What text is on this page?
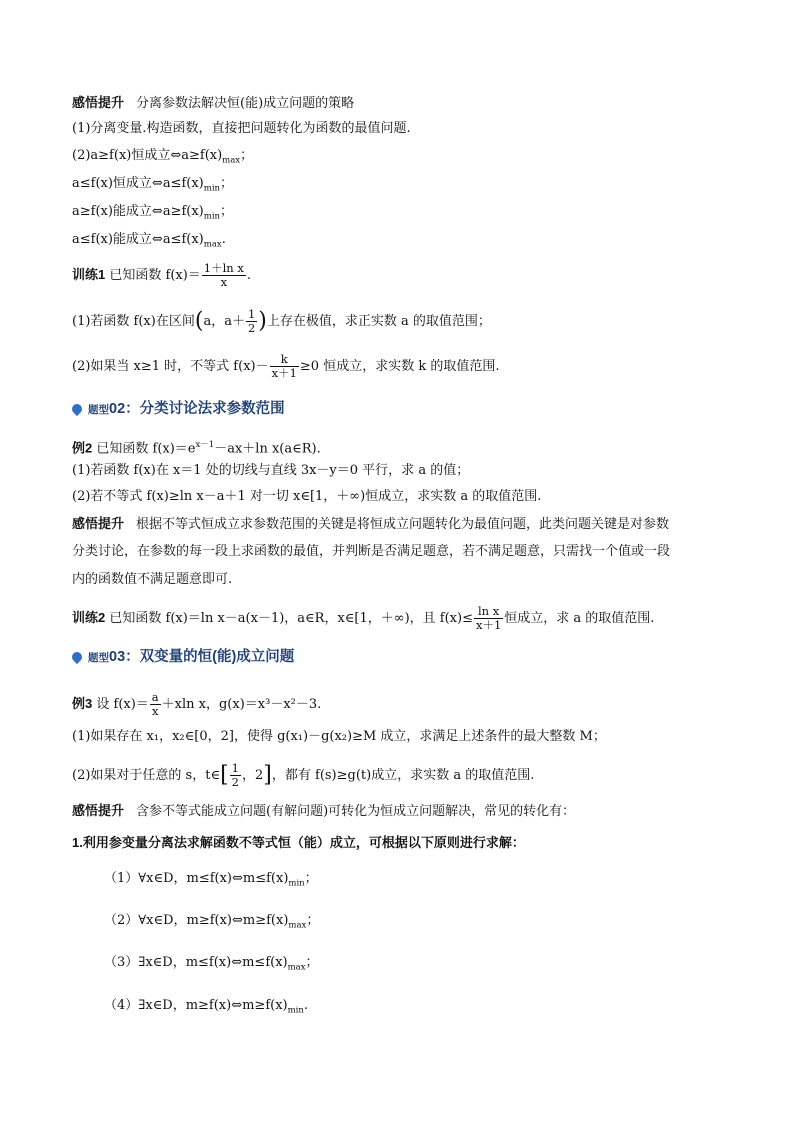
感悟提升 分离参数法解决恒(能)成立问题的策略
(1)分离变量.构造函数，直接把问题转化为函数的最值问题.
(2)a≥f(x)恒成立$\Leftrightarrow a\ge f(x)_{max}$；
a≤f(x)恒成立$\Leftrightarrow a\le f(x)_{min}$；
a≥f(x)能成立$\Leftrightarrow a\ge f(x)_{min}$；
a≤f(x)能成立$\Leftrightarrow a\le f(x)_{max}$.
训练1 已知函数 $f(x)= \frac{\text{1＋ln x}}{x}$ .
(1)若函数 f(x)在区间(a，$a+ \frac{1}{2}$ )上存在极值，求正实数 a 的取值范围；
(2)如果当 x≥1 时，不等式 $f(x)- \frac{k}{x+1} \ge 0$ 恒成立，求实数 k 的取值范围.
题型02：分类讨论法求参数范围
例2 已知函数 $f(x)=e^{x-1}-ax+\ln$ x(a∈R).
(1)若函数 f(x)在 x＝1 处的切线与直线 3x－y＝0 平行，求 a 的值；
(2)若不等式 f(x)≥ln x－a＋1 对一切 x∈[1，＋∞)恒成立，求实数 a 的取值范围.
感悟提升 根据不等式恒成立求参数范围的关键是将恒成立问题转化为最值问题，此类问题关键是对参数
分类讨论，在参数的每一段上求函数的最值，并判断是否满足题意，若不满足题意，只需找一个值或一段
内的函数值不满足题意即可.
训练2 已知函数 f(x)＝ln x－a(x－1)，a∈R，x∈[1，＋∞)，且 $f(x)\le \frac{\text{ln x}}{x+1}$ 恒成立，求 a 的取值范围.
题型03：双变量的恒(能)成立问题
例3 设 $f(x)= \frac{a}{x} +xln$ x，g(x)＝x³－x²－3.
(1)如果存在 x₁，x₂∈[0，2]，使得 g(x₁)－g(x₂)≥M 成立，求满足上述条件的最大整数 M；
(2)如果对于任意的 s，t∈[ $\frac{1}{2}$ ，2]，都有 f(s)≥g(t)成立，求实数 a 的取值范围.
感悟提升 含参不等式能成立问题(有解问题)可转化为恒成立问题解决，常见的转化有：
1.利用参变量分离法求解函数不等式恒（能）成立，可根据以下原则进行求解：
（1）∀x∈D，$m\le f(x)\Leftrightarrow m\le f(x)_{min}$；
（2）∀x∈D，$m\ge f(x)\Leftrightarrow m\ge f(x)_{max}$；
（3）∃x∈D，$m\le f(x)\Leftrightarrow m\le f(x)_{max}$；
（4）∃x∈D，$m\ge f(x)\Leftrightarrow m\ge f(x)_{min}$.
